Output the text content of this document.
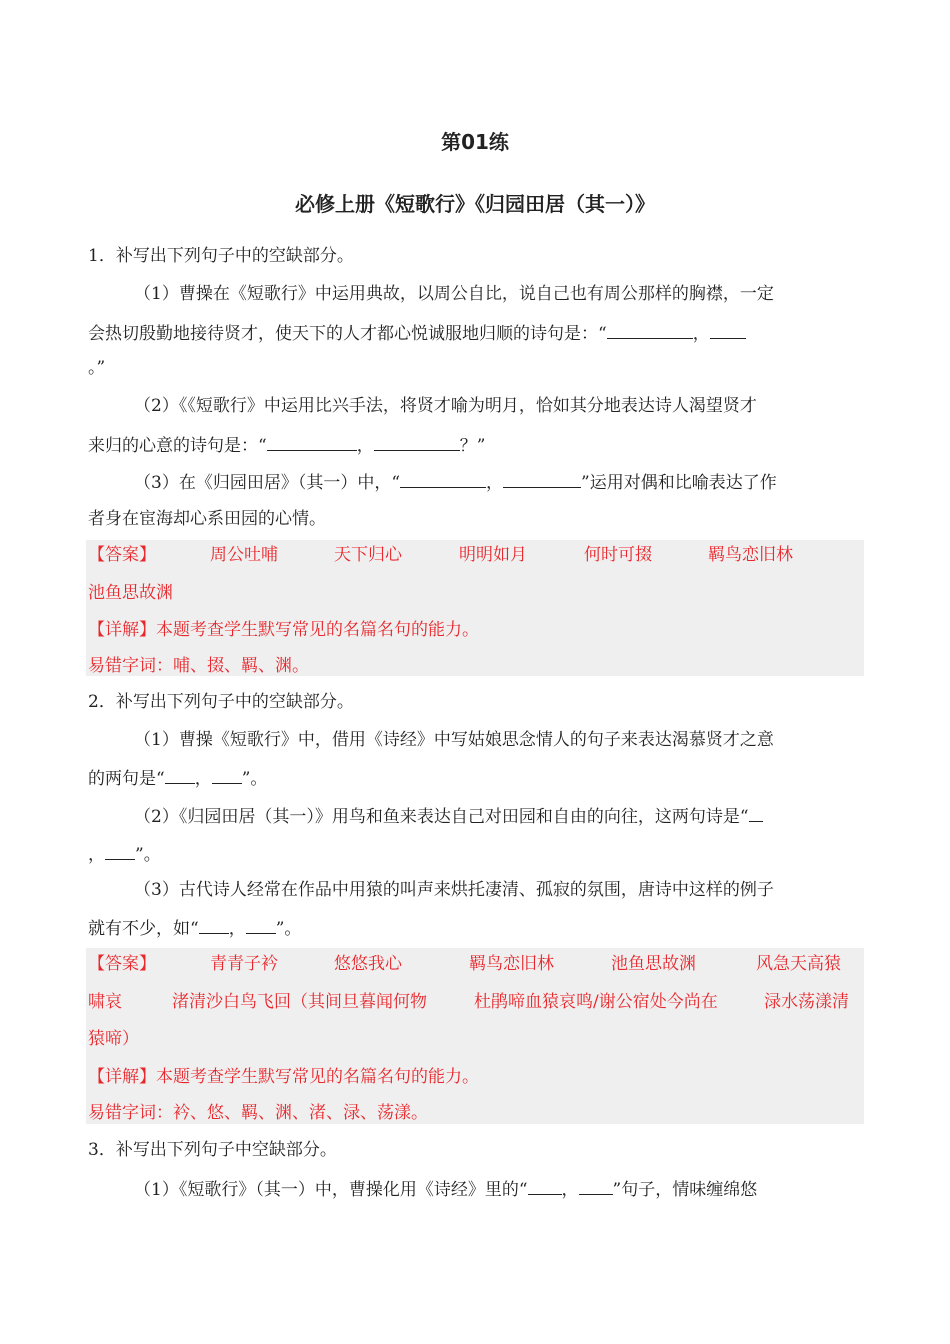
第01练
必修上册《短歌行》《归园田居（其一）》
1．补写出下列句子中的空缺部分。
（1）曹操在《短歌行》中运用典故，以周公自比，说自己也有周公那样的胸襟，一定
会热切殷勤地接待贤才，使天下的人才都心悦诚服地归顺的诗句是：“	，
。”
（2）《《短歌行》中运用比兴手法，将贤才喻为明月，恰如其分地表达诗人渴望贤才
来归的心意的诗句是：“	，	？”
（3）在《归园田居》（其一）中，“	，	”运用对偶和比喻表达了作
者身在宦海却心系田园的心情。
【答案】	周公吐哺	天下归心	明明如月	何时可掇	羁鸟恋旧林
池鱼思故渊
【详解】本题考查学生默写常见的名篇名句的能力。
易错字词：哺、掇、羁、渊。
2．补写出下列句子中的空缺部分。
（1）曹操《短歌行》中，借用《诗经》中写姑娘思念情人的句子来表达渴慕贤才之意
的两句是“ ， ”。
（2）《归园田居（其一）》用鸟和鱼来表达自己对田园和自由的向往，这两句诗是“
， ”。
（3）古代诗人经常在作品中用猿的叫声来烘托凄清、孤寂的氛围，唐诗中这样的例子
就有不少，如“ ， ”。
【答案】	青青子衿	悠悠我心	羁鸟恋旧林	池鱼思故渊	风急天高猿
啸哀	渚清沙白鸟飞回（其间旦暮闻何物	杜鹃啼血猿哀鸣/谢公宿处今尚在	渌水荡漾清
猿啼）
【详解】本题考查学生默写常见的名篇名句的能力。
易错字词：衿、悠、羁、渊、渚、渌、荡漾。
3．补写出下列句子中空缺部分。
（1）《短歌行》（其一）中，曹操化用《诗经》里的“ ， ”句子，情味缠绵悠
